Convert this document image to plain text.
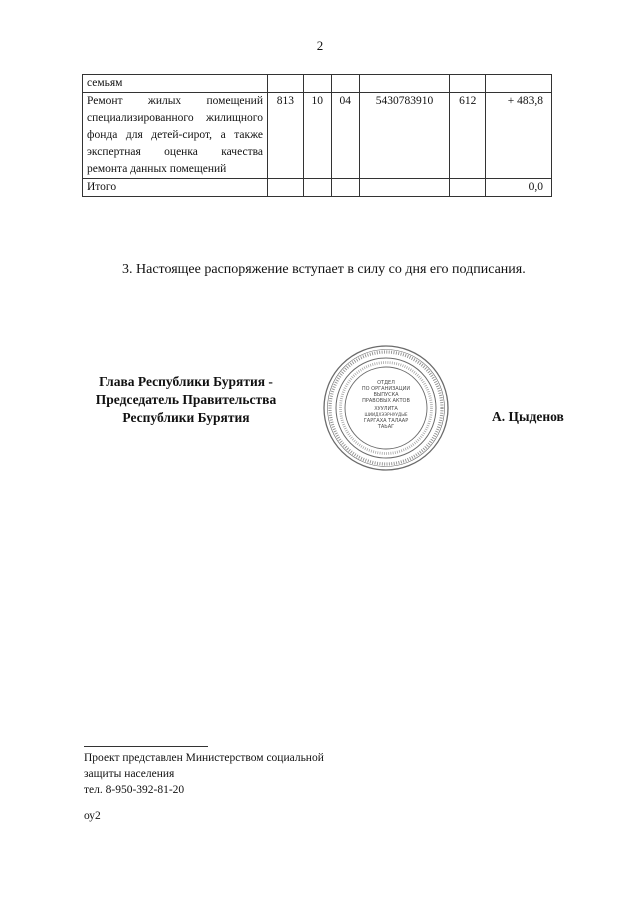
2
семьям						
Ремонт жилых помещений специализированного жилищного фонда для детей-сирот, а также экспертная оценка качества ремонта данных помещений	813	10	04	5430783910	612	+ 483,8
Итого						0,0
3. Настоящее распоряжение вступает в силу со дня его подписания.
Глава Республики Бурятия -
Председатель Правительства
Республики Бурятия
ОТДЕЛ
ПО ОРГАНИЗАЦИИ
ВЫПУСКА
ПРАВОВЫХ АКТОВ
ХУУЛИТА
ШИИДХЭЭРНУУДЫЕ
ГАРГАХА ТАЛААР
ТАЬАГ
А. Цыденов
Проект представлен Министерством социальной
защиты населения
тел. 8-950-392-81-20
оу2
